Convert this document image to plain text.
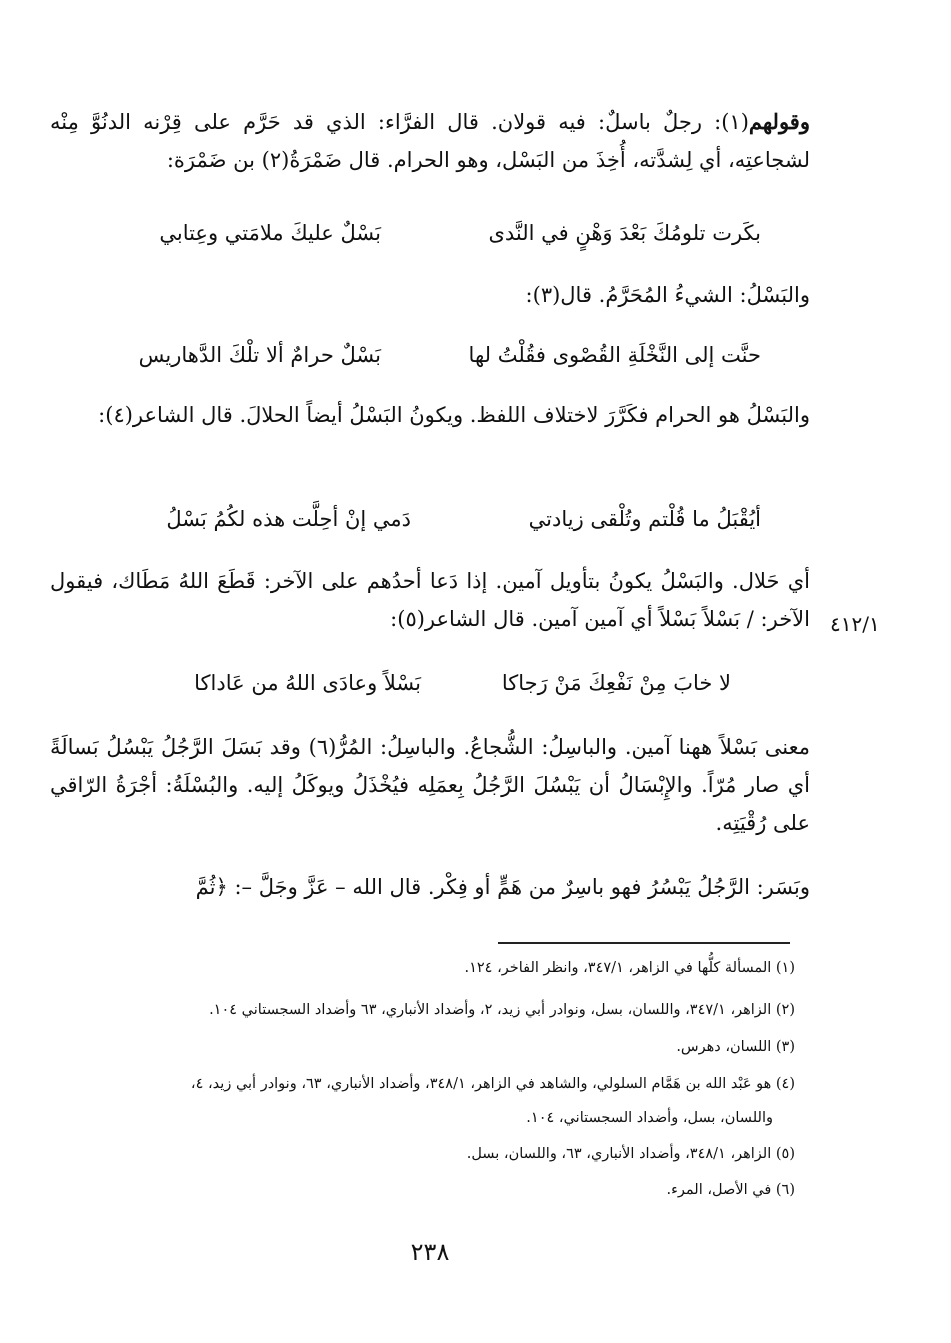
وقولهم(١): رجلٌ باسلٌ: فيه قولان. قال الفرَّاء: الذي قد حَرَّم على قِرْنه الدنُوَّ مِنْه لشجاعتِه، أي لِشدَّته، أُخِذَ من البَسْل، وهو الحرام. قال ضَمْرَةُ(٢) بن ضَمْرَة:
بكَرت تلومُكَ بَعْدَ وَهْنٍ في النَّدىبَسْلٌ عليكَ ملامَتي وعِتابي
والبَسْلُ: الشيءُ المُحَرَّمُ. قال(٣):
حنَّت إلى النَّخْلَةِ القُصْوى فقُلْتُ لهابَسْلٌ حرامٌ ألا تلْكَ الدَّهاريس
والبَسْلُ هو الحرام فكَرَّرَ لاختلاف اللفظ. ويكونُ البَسْلُ أيضاً الحلالَ. قال الشاعر(٤):
أيُقْبَلُ ما قُلْتم وتُلْقى زيادتيدَمي إنْ أحِلَّت هذه لكُمُ بَسْلُ
أي حَلال. والبَسْلُ يكونُ بتأويل آمين. إذا دَعا أحدُهم على الآخر: قَطَعَ اللهُ مَطَاك، فيقول الآخر: / بَسْلاً بَسْلاً أي آمين آمين. قال الشاعر(٥): ٤١٢/١
لا خابَ مِنْ نَفْعِكَ مَنْ رَجاكابَسْلاً وعادَى اللهُ من عَاداكا
معنى بَسْلاً ههنا آمين. والباسِلُ: الشُّجاعُ. والباسِلُ: المُرُّ(٦) وقد بَسَلَ الرَّجُلُ يَبْسُلُ بَسالَةً أي صار مُرّاً. والإِبْسَالُ أن يَبْسُلَ الرَّجُلُ بِعمَلِه فيُخْذَلُ ويوكَلُ إليه. والبُسْلَةُ: أجْرَةُ الرّاقي على رُقْيَتِه.
وبَسَر: الرَّجُلُ يَبْسُرُ فهو باسِرٌ من هَمٍّ أو فِكْر. قال الله – عَزَّ وجَلَّ –: ﴿ثُمَّ
(١) المسألة كلُّها في الزاهر، ٣٤٧/١، وانظر الفاخر، ١٢٤.
(٢) الزاهر، ٣٤٧/١، واللسان، بسل، ونوادر أبي زيد، ٢، وأضداد الأنباري، ٦٣ وأضداد السجستاني ١٠٤.
(٣) اللسان، دهرس.
(٤) هو عَبْد الله بن هَمَّام السلولي، والشاهد في الزاهر، ٣٤٨/١، وأضداد الأنباري، ٦٣، ونوادر أبي زيد، ٤،
واللسان، بسل، وأضداد السجستاني، ١٠٤.
(٥) الزاهر، ٣٤٨/١، وأضداد الأنباري، ٦٣، واللسان، بسل.
(٦) في الأصل، المرء.
٢٣٨
